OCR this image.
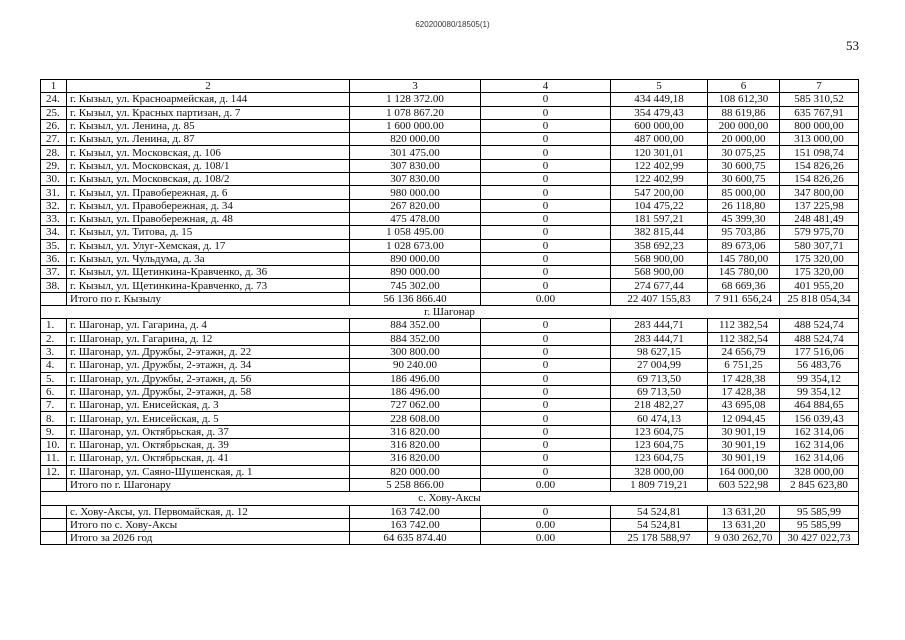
620200080/18505(1)
53
1	2	3	4	5	6	7
24.	г. Кызыл, ул. Красноармейская, д. 144	1 128 372.00	0	434 449,18	108 612,30	585 310,52
25.	г. Кызыл, ул. Красных партизан, д. 7	1 078 867.20	0	354 479,43	88 619,86	635 767,91
26.	г. Кызыл, ул. Ленина, д. 85	1 600 000.00	0	600 000,00	200 000,00	800 000,00
27.	г. Кызыл, ул. Ленина, д. 87	820 000.00	0	487 000,00	20 000,00	313 000,00
28.	г. Кызыл, ул. Московская, д. 106	301 475.00	0	120 301,01	30 075,25	151 098,74
29.	г. Кызыл, ул. Московская, д. 108/1	307 830.00	0	122 402,99	30 600,75	154 826,26
30.	г. Кызыл, ул. Московская, д. 108/2	307 830.00	0	122 402,99	30 600,75	154 826,26
31.	г. Кызыл, ул. Правобережная, д. 6	980 000.00	0	547 200,00	85 000,00	347 800,00
32.	г. Кызыл, ул. Правобережная, д. 34	267 820.00	0	104 475,22	26 118,80	137 225,98
33.	г. Кызыл, ул. Правобережная, д. 48	475 478.00	0	181 597,21	45 399,30	248 481,49
34.	г. Кызыл, ул. Титова, д. 15	1 058 495.00	0	382 815,44	95 703,86	579 975,70
35.	г. Кызыл, ул. Улуг-Хемская, д. 17	1 028 673.00	0	358 692,23	89 673,06	580 307,71
36.	г. Кызыл, ул. Чульдума, д. 3а	890 000.00	0	568 900,00	145 780,00	175 320,00
37.	г. Кызыл, ул. Щетинкина-Кравченко, д. 36	890 000.00	0	568 900,00	145 780,00	175 320,00
38.	г. Кызыл, ул. Щетинкина-Кравченко, д. 73	745 302.00	0	274 677,44	68 669,36	401 955,20
	Итого по г. Кызылу	56 136 866.40	0.00	22 407 155,83	7 911 656,24	25 818 054,34
г. Шагонар						
1.	г. Шагонар, ул. Гагарина, д. 4	884 352.00	0	283 444,71	112 382,54	488 524,74
2.	г. Шагонар, ул. Гагарина, д. 12	884 352.00	0	283 444,71	112 382,54	488 524,74
3.	г. Шагонар, ул. Дружбы, 2-этажн, д. 22	300 800.00	0	98 627,15	24 656,79	177 516,06
4.	г. Шагонар, ул. Дружбы, 2-этажн, д. 34	90 240.00	0	27 004,99	6 751,25	56 483,76
5.	г. Шагонар, ул. Дружбы, 2-этажн, д. 56	186 496.00	0	69 713,50	17 428,38	99 354,12
6.	г. Шагонар, ул. Дружбы, 2-этажн, д. 58	186 496.00	0	69 713,50	17 428,38	99 354,12
7.	г. Шагонар, ул. Енисейская, д. 3	727 062.00	0	218 482,27	43 695,08	464 884,65
8.	г. Шагонар, ул. Енисейская, д. 5	228 608.00	0	60 474,13	12 094,45	156 039,43
9.	г. Шагонар, ул. Октябрьская, д. 37	316 820.00	0	123 604,75	30 901,19	162 314,06
10.	г. Шагонар, ул. Октябрьская, д. 39	316 820.00	0	123 604,75	30 901,19	162 314,06
11.	г. Шагонар, ул. Октябрьская, д. 41	316 820.00	0	123 604,75	30 901,19	162 314,06
12.	г. Шагонар, ул. Саяно-Шушенская, д. 1	820 000.00	0	328 000,00	164 000,00	328 000,00
	Итого по г. Шагонару	5 258 866.00	0.00	1 809 719,21	603 522,98	2 845 623,80
с. Хову-Аксы						
	с. Хову-Аксы, ул. Первомайская, д. 12	163 742.00	0	54 524,81	13 631,20	95 585,99
	Итого по с. Хову-Аксы	163 742.00	0.00	54 524,81	13 631,20	95 585,99
	Итого за 2026 год	64 635 874.40	0.00	25 178 588,97	9 030 262,70	30 427 022,73
